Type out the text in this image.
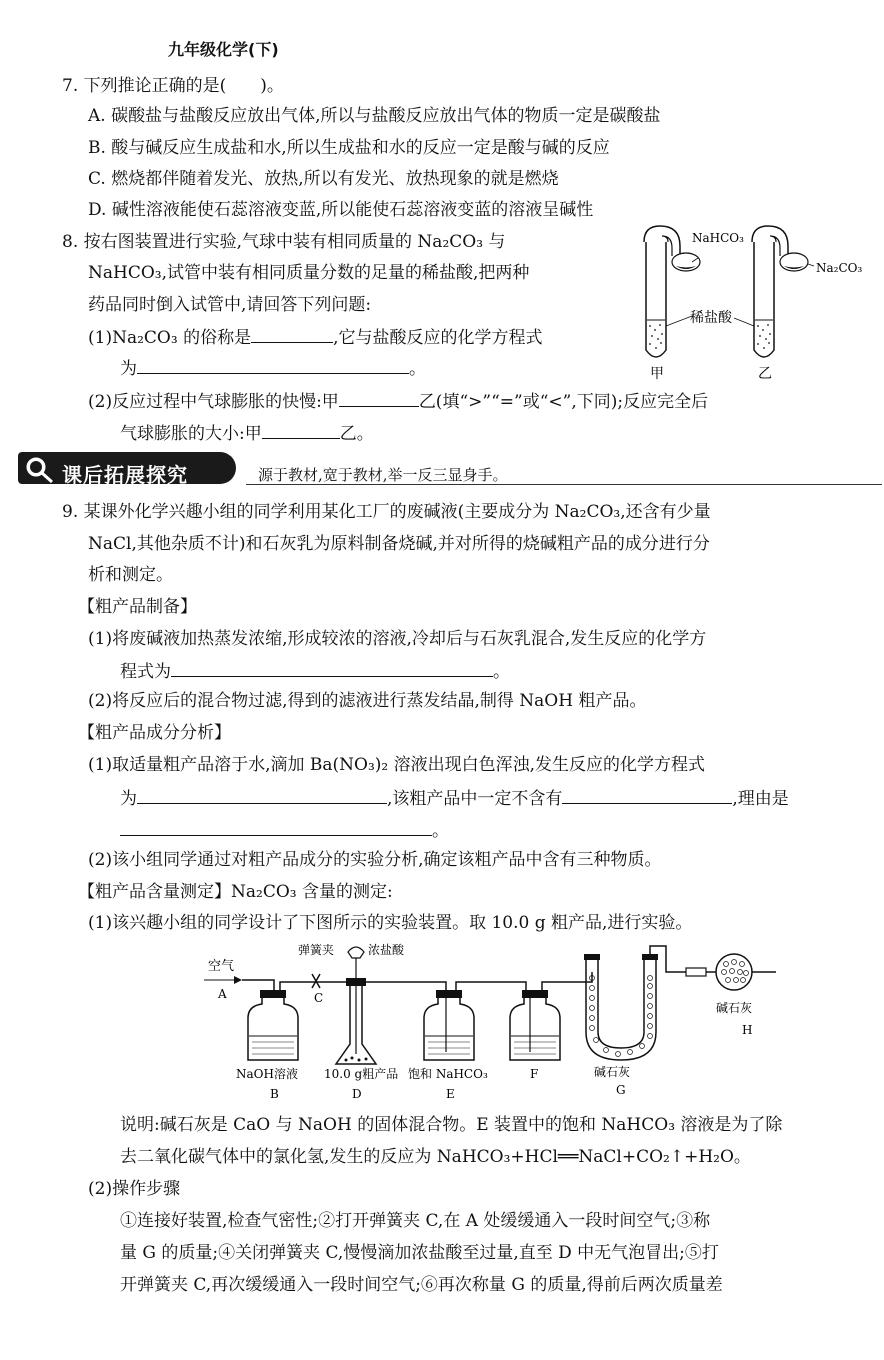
九年级化学(下)
7. 下列推论正确的是(　　)。
A. 碳酸盐与盐酸反应放出气体,所以与盐酸反应放出气体的物质一定是碳酸盐
B. 酸与碱反应生成盐和水,所以生成盐和水的反应一定是酸与碱的反应
C. 燃烧都伴随着发光、放热,所以有发光、放热现象的就是燃烧
D. 碱性溶液能使石蕊溶液变蓝,所以能使石蕊溶液变蓝的溶液呈碱性
8. 按右图装置进行实验,气球中装有相同质量的 Na₂CO₃ 与
NaHCO₃,试管中装有相同质量分数的足量的稀盐酸,把两种
药品同时倒入试管中,请回答下列问题:
(1)Na₂CO₃ 的俗称是	,它与盐酸反应的化学方程式
为	。
(2)反应过程中气球膨胀的快慢:甲	乙(填“>”“=”或“<”,下同);反应完全后
气球膨胀的大小:甲	乙。
NaHCO₃
Na₂CO₃
稀盐酸
甲	乙
课后拓展探究	源于教材,宽于教材,举一反三显身手。
9. 某课外化学兴趣小组的同学利用某化工厂的废碱液(主要成分为 Na₂CO₃,还含有少量
NaCl,其他杂质不计)和石灰乳为原料制备烧碱,并对所得的烧碱粗产品的成分进行分
析和测定。
【粗产品制备】
(1)将废碱液加热蒸发浓缩,形成较浓的溶液,冷却后与石灰乳混合,发生反应的化学方
程式为	。
(2)将反应后的混合物过滤,得到的滤液进行蒸发结晶,制得 NaOH 粗产品。
【粗产品成分分析】
(1)取适量粗产品溶于水,滴加 Ba(NO₃)₂ 溶液出现白色浑浊,发生反应的化学方程式
为	,该粗产品中一定不含有	,理由是
。
(2)该小组同学通过对粗产品成分的实验分析,确定该粗产品中含有三种物质。
【粗产品含量测定】Na₂CO₃ 含量的测定:
(1)该兴趣小组的同学设计了下图所示的实验装置。取 10.0 g 粗产品,进行实验。
空气
A
NaOH溶液
B
弹簧夹
C
浓盐酸
10.0 g粗产品
D
饱和 NaHCO₃
E
F	碱石灰
G
碱石灰
H
说明:碱石灰是 CaO 与 NaOH 的固体混合物。E 装置中的饱和 NaHCO₃ 溶液是为了除
去二氧化碳气体中的氯化氢,发生的反应为 NaHCO₃+HCl══NaCl+CO₂↑+H₂O。
(2)操作步骤
①连接好装置,检查气密性;②打开弹簧夹 C,在 A 处缓缓通入一段时间空气;③称
量 G 的质量;④关闭弹簧夹 C,慢慢滴加浓盐酸至过量,直至 D 中无气泡冒出;⑤打
开弹簧夹 C,再次缓缓通入一段时间空气;⑥再次称量 G 的质量,得前后两次质量差
